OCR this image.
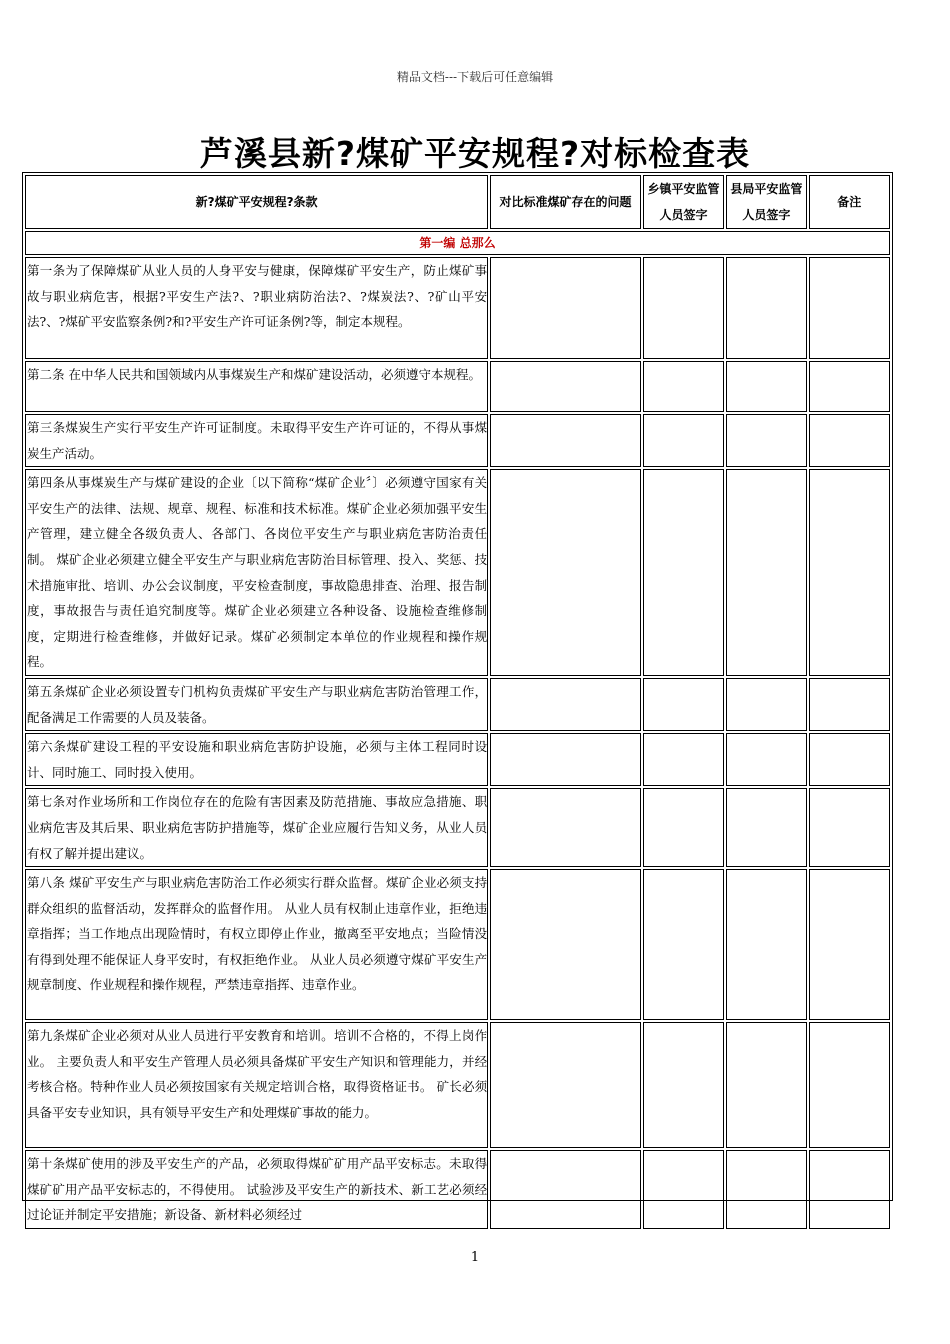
精品文档---下载后可任意编辑
芦溪县新?煤矿平安规程?对标检查表
新?煤矿平安规程?条款	对比标准煤矿存在的问题	乡镇平安监管人员签字	县局平安监管人员签字	备注
第一编 总那么				
第一条为了保障煤矿从业人员的人身平安与健康，保障煤矿平安生产，防止煤矿事故与职业病危害，根据?平安生产法?、?职业病防治法?、?煤炭法?、?矿山平安法?、?煤矿平安监察条例?和?平安生产许可证条例?等，制定本规程。				
第二条 在中华人民共和国领域内从事煤炭生产和煤矿建设活动，必须遵守本规程。				
第三条煤炭生产实行平安生产许可证制度。未取得平安生产许可证的，不得从事煤炭生产活动。				
第四条从事煤炭生产与煤矿建设的企业〔以下简称“煤矿企业〞〕必须遵守国家有关平安生产的法律、法规、规章、规程、标准和技术标准。煤矿企业必须加强平安生产管理，建立健全各级负责人、各部门、各岗位平安生产与职业病危害防治责任制。 煤矿企业必须建立健全平安生产与职业病危害防治目标管理、投入、奖惩、技术措施审批、培训、办公会议制度，平安检查制度，事故隐患排查、治理、报告制度，事故报告与责任追究制度等。煤矿企业必须建立各种设备、设施检查维修制度，定期进行检查维修，并做好记录。煤矿必须制定本单位的作业规程和操作规程。				
第五条煤矿企业必须设置专门机构负责煤矿平安生产与职业病危害防治管理工作，配备满足工作需要的人员及装备。				
第六条煤矿建设工程的平安设施和职业病危害防护设施，必须与主体工程同时设计、同时施工、同时投入使用。				
第七条对作业场所和工作岗位存在的危险有害因素及防范措施、事故应急措施、职业病危害及其后果、职业病危害防护措施等，煤矿企业应履行告知义务，从业人员有权了解并提出建议。				
第八条 煤矿平安生产与职业病危害防治工作必须实行群众监督。煤矿企业必须支持群众组织的监督活动，发挥群众的监督作用。 从业人员有权制止违章作业，拒绝违章指挥；当工作地点出现险情时，有权立即停止作业，撤离至平安地点；当险情没有得到处理不能保证人身平安时，有权拒绝作业。 从业人员必须遵守煤矿平安生产规章制度、作业规程和操作规程，严禁违章指挥、违章作业。				
第九条煤矿企业必须对从业人员进行平安教育和培训。培训不合格的，不得上岗作业。 主要负责人和平安生产管理人员必须具备煤矿平安生产知识和管理能力，并经考核合格。特种作业人员必须按国家有关规定培训合格，取得资格证书。 矿长必须具备平安专业知识，具有领导平安生产和处理煤矿事故的能力。				
第十条煤矿使用的涉及平安生产的产品，必须取得煤矿矿用产品平安标志。未取得煤矿矿用产品平安标志的，不得使用。 试验涉及平安生产的新技术、新工艺必须经过论证并制定平安措施；新设备、新材料必须经过				
1
